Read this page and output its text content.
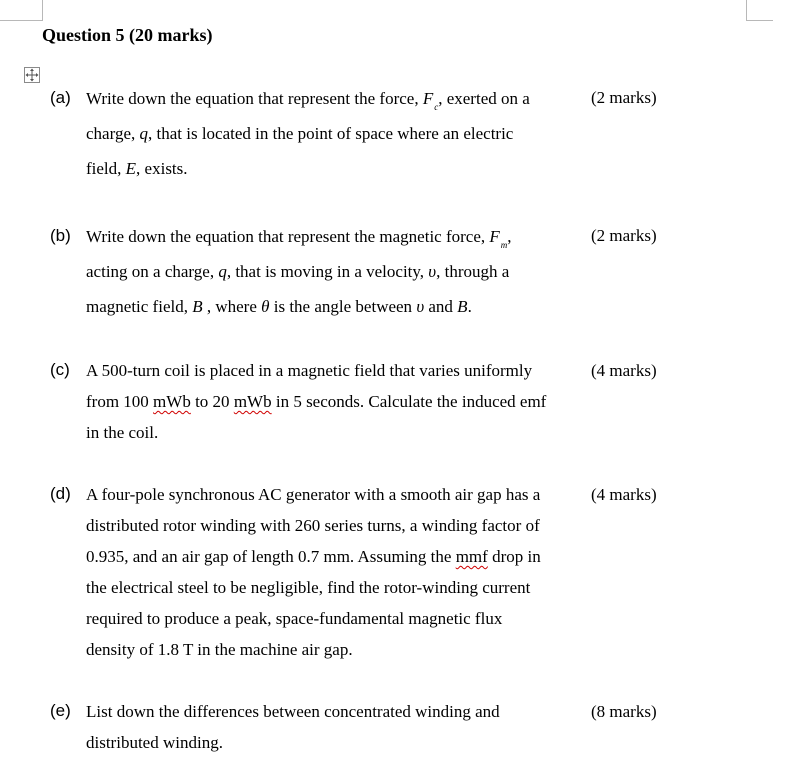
Question 5 (20 marks)
(a) Write down the equation that represent the force, $F_c$, exerted on a	(2 marks)
charge, q, that is located in the point of space where an electric
field, E, exists.
(b) Write down the equation that represent the magnetic force, $F_m$,	(2 marks)
acting on a charge, q, that is moving in a velocity, υ, through a
magnetic field, B , where θ is the angle between υ and B.
(c) A 500-turn coil is placed in a magnetic field that varies uniformly	(4 marks)
from 100 mWb to 20 mWb in 5 seconds. Calculate the induced emf
in the coil.
(d) A four-pole synchronous AC generator with a smooth air gap has a	(4 marks)
distributed rotor winding with 260 series turns, a winding factor of
0.935, and an air gap of length 0.7 mm. Assuming the mmf drop in
the electrical steel to be negligible, find the rotor-winding current
required to produce a peak, space-fundamental magnetic flux
density of 1.8 T in the machine air gap.
(e) List down the differences between concentrated winding and	(8 marks)
distributed winding.
